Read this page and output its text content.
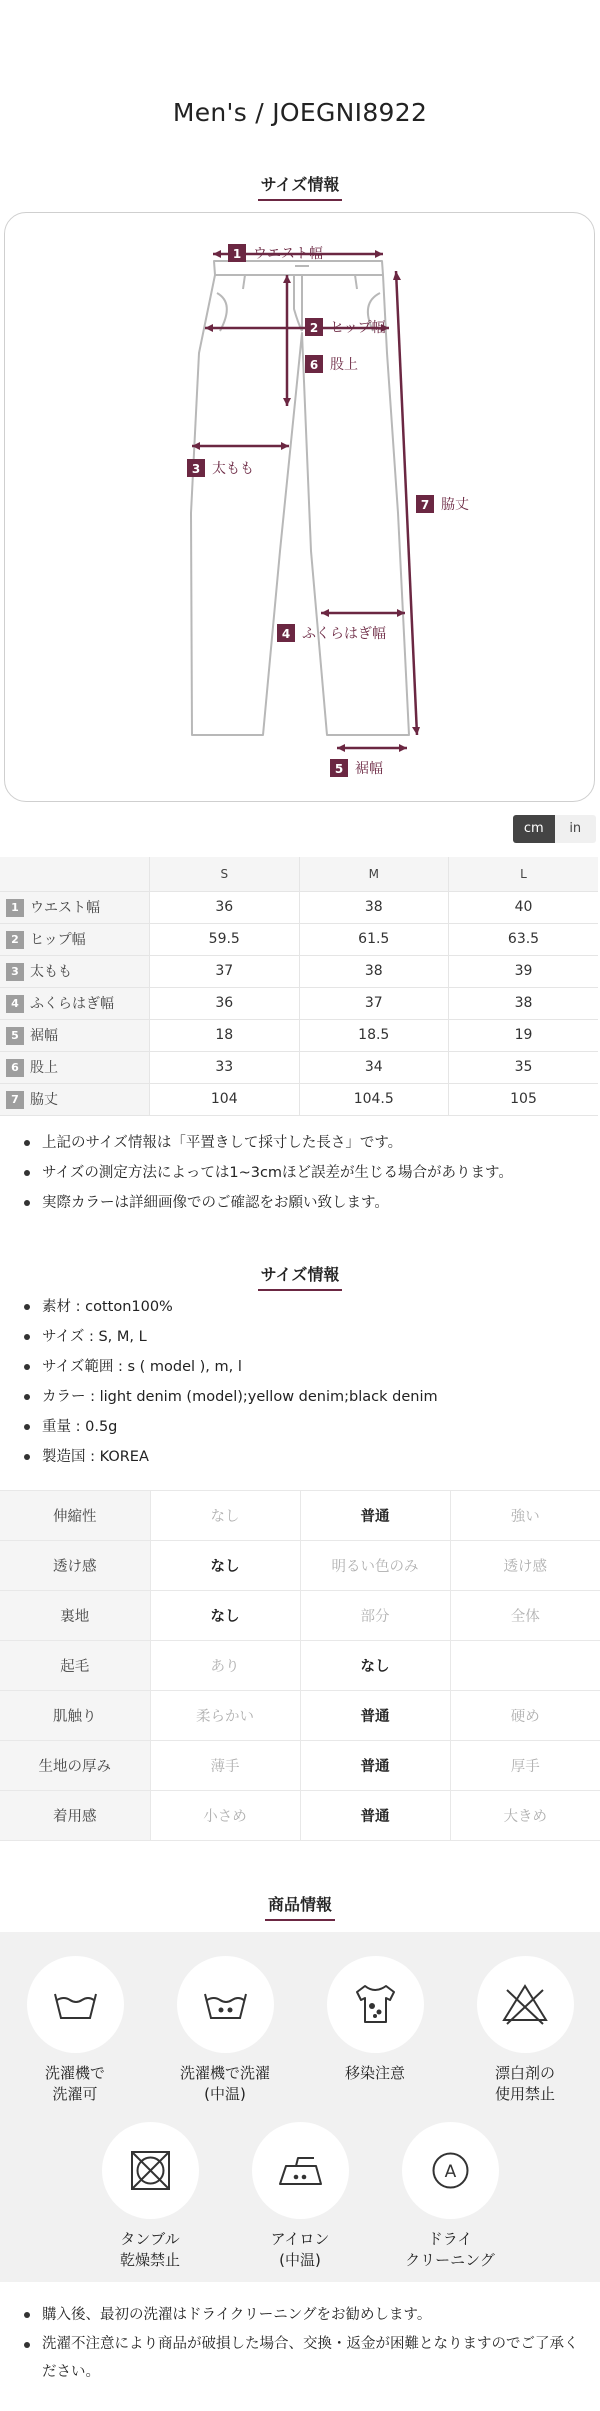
Men's / JOEGNI8922
サイズ情報
1 ウエスト幅
2 ヒップ幅
6 股上
3 太もも
7 脇丈
4 ふくらはぎ幅
5 裾幅
cm	in
	S	M	L
1 ウエスト幅	36	38	40
2 ヒップ幅	59.5	61.5	63.5
3 太もも	37	38	39
4 ふくらはぎ幅	36	37	38
5 裾幅	18	18.5	19
6 股上	33	34	35
7 脇丈	104	104.5	105
上記のサイズ情報は「平置きして採寸した長さ」です。
サイズの測定方法によっては1~3cmほど誤差が生じる場合があります。
実際カラーは詳細画像でのご確認をお願い致します。
サイズ情報
素材 : cotton100%
サイズ : S, M, L
サイズ範囲 : s ( model ), m, l
カラー : light denim (model);yellow denim;black denim
重量 : 0.5g
製造国 : KOREA
伸縮性	なし	普通	強い
透け感	なし	明るい色のみ	透け感
裏地	なし	部分	全体
起毛	あり	なし	
肌触り	柔らかい	普通	硬め
生地の厚み	薄手	普通	厚手
着用感	小さめ	普通	大きめ
商品情報
洗濯機で
洗濯可
洗濯機で洗濯
(中温)
移染注意	漂白剤の
使用禁止
タンブル
乾燥禁止
アイロン
(中温)
A
ドライ
クリーニング
購入後、最初の洗濯はドライクリーニングをお勧めします。
洗濯不注意により商品が破損した場合、交換・返金が困難となりますのでご了承ください。
